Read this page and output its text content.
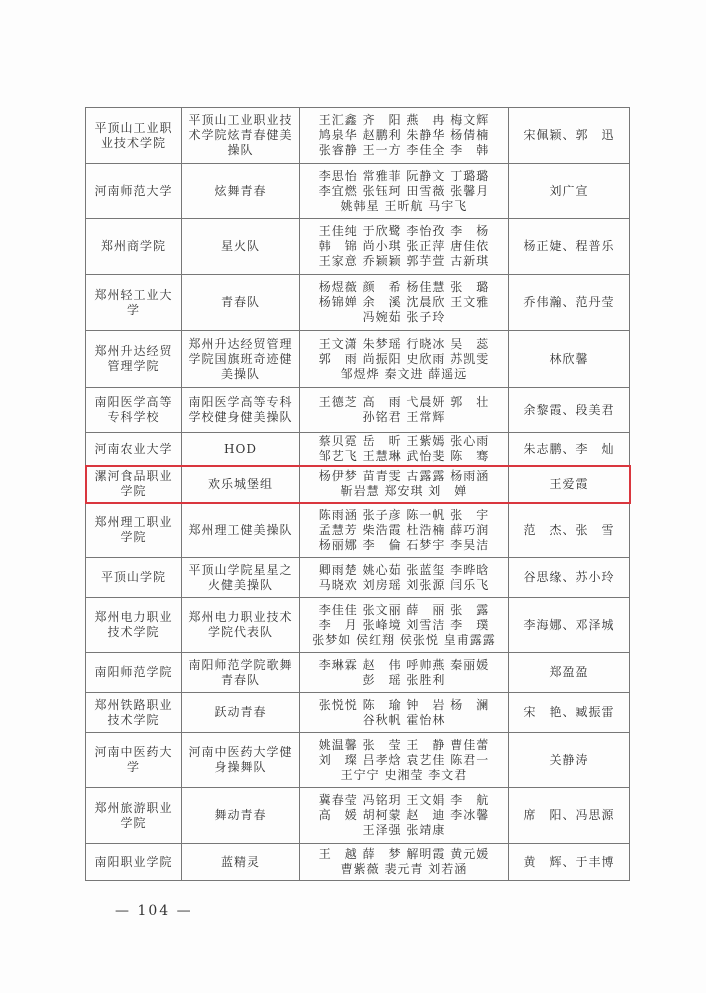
平顶山工业职业技术学院	平顶山工业职业技术学院炫青春健美操队	王汇鑫 齐　阳 燕　冉 梅文辉
鸠泉华 赵鹏利 朱静华 杨倩楠
张睿静 王一方 李佳全 李　韩	宋佩颖、郭　迅
河南师范大学	炫舞青春	李思怡 常雅菲 阮静文 丁璐璐
李宜燃 张钰珂 田雪薇 张馨月
姚韩星 王昕航 马宇飞	刘广宣
郑州商学院	星火队	王佳纯 于欣鹭 李怡孜 李　杨
韩　锦 尚小琪 张正萍 唐佳依
王家意 乔颖颖 郭芋萱 古新琪	杨正婕、程普乐
郑州轻工业大学	青春队	杨煜薇 颜　希 杨佳慧 张　璐
杨锦婵 余　溪 沈晨欣 王文雅
冯婉茹 张子玲	乔伟瀚、范丹莹
郑州升达经贸管理学院	郑州升达经贸管理学院国旗班奇迹健美操队	王文潇 朱梦瑶 行晓冰 吴　蕊
郭　雨 尚振阳 史欣雨 苏凯雯
邹煜烨 秦文进 薛遥远	林欣馨
南阳医学高等专科学校	南阳医学高等专科学校健身健美操队	王德芝 高　雨 弋晨妍 郭　壮
孙铭君 王常辉	余黎霞、段美君
河南农业大学	HOD	蔡贝霓 岳　昕 王紫嫣 张心雨
邹艺飞 王慧琳 武怡斐 陈　骞	朱志鹏、李　灿
漯河食品职业学院	欢乐城堡组	杨伊梦 苗青雯 古露露 杨雨涵
靳岩慧 郑安琪 刘　婵	王爱霞
郑州理工职业学院	郑州理工健美操队	陈雨涵 张子彦 陈一帆 张　宇
孟慧芳 柴浩霞 杜浩楠 薛巧润
杨丽娜 李　倫 石梦宇 李昊洁	范　杰、张　雪
平顶山学院	平顶山学院星星之火健美操队	卿雨楚 姚心茹 张蓝玺 李晔晗
马晓欢 刘房瑶 刘张源 闫乐飞	谷思缘、苏小玲
郑州电力职业技术学院	郑州电力职业技术学院代表队	李佳佳 张文丽 薛　丽 张　露
李　月 张峰境 刘雪洁 李　璞
张梦如 侯红翔 侯张悦 皇甫露露	李海娜、邓泽城
南阳师范学院	南阳师范学院歌舞青春队	李琳霖 赵　伟 呼帅燕 秦丽媛
彭　瑶 张胜利	郑盈盈
郑州铁路职业技术学院	跃动青春	张悦悦 陈　瑜 钟　岩 杨　澜
谷秋帆 霍怡林	宋　艳、臧振雷
河南中医药大学	河南中医药大学健身操舞队	姚温馨 张　莹 王　静 曹佳蕾
刘　璨 吕孝焓 袁艺佳 陈君一
王宁宁 史湘莹 李文君	关静涛
郑州旅游职业学院	舞动青春	冀春莹 冯铭玥 王文娟 李　航
高　媛 胡柯蒙 赵　迪 李冰馨
王泽强 张靖康	席　阳、冯思源
南阳职业学院	蓝精灵	王　越 薛　梦 解明霞 黄元媛
曹紫薇 裴元青 刘若涵	黄　辉、于丰博
— 104 —
